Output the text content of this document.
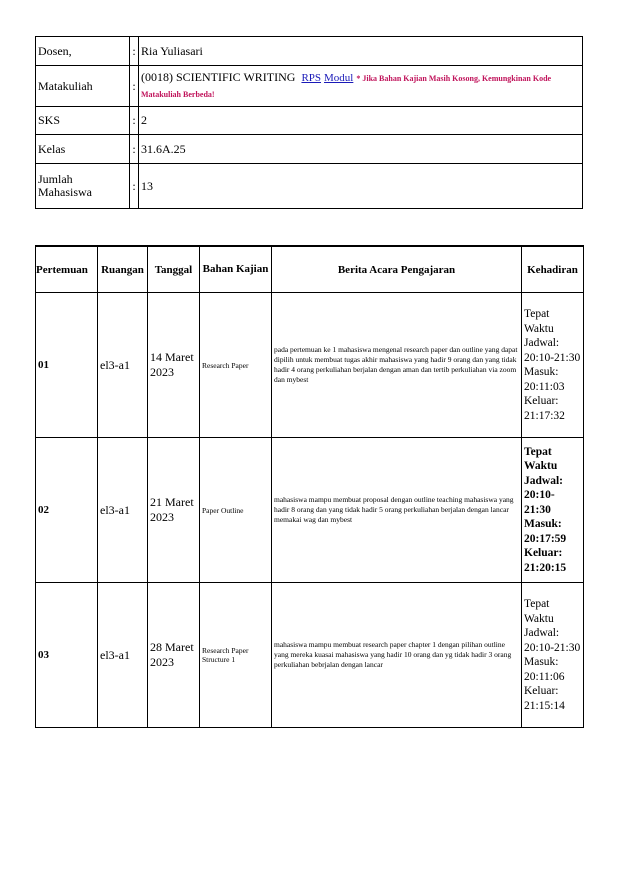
Dosen,	:	Ria Yuliasari
Matakuliah	:	(0018) SCIENTIFIC WRITING RPS Modul * Jika Bahan Kajian Masih Kosong, Kemungkinan Kode Matakuliah Berbeda!

SKS	:	2
Kelas	:	31.6A.25
Jumlah Mahasiswa	:	13
Pertemuan	Ruangan	Tanggal	Bahan Kajian	Berita Acara Pengajaran	Kehadiran
01	el3-a1	14 Maret 2023	Research Paper	pada pertemuan ke 1 mahasiswa mengenal research paper dan outline yang dapat dipilih untuk membuat tugas akhir mahasiswa yang hadir 9 orang dan yang tidak hadir 4 orang perkuliahan berjalan dengan aman dan tertib perkuliahan via zoom dan mybest	Tepat Waktu Jadwal: 20:10-21:30 Masuk: 20:11:03 Keluar: 21:17:32
02	el3-a1	21 Maret 2023	Paper Outline	mahasiswa mampu membuat proposal dengan outline teaching mahasiswa yang hadir 8 orang dan yang tidak hadir 5 orang perkuliahan berjalan dengan lancar memakai wag dan mybest	Tepat Waktu Jadwal: 20:10-21:30 Masuk: 20:17:59 Keluar: 21:20:15
03	el3-a1	28 Maret 2023	Research Paper Structure 1	mahasiswa mampu membuat research paper chapter 1 dengan pilihan outline yang mereka kuasai mahasiswa yang hadir 10 orang dan yg tidak hadir 3 orang perkuliahan bebrjalan dengan lancar	Tepat Waktu Jadwal: 20:10-21:30 Masuk: 20:11:06 Keluar: 21:15:14
